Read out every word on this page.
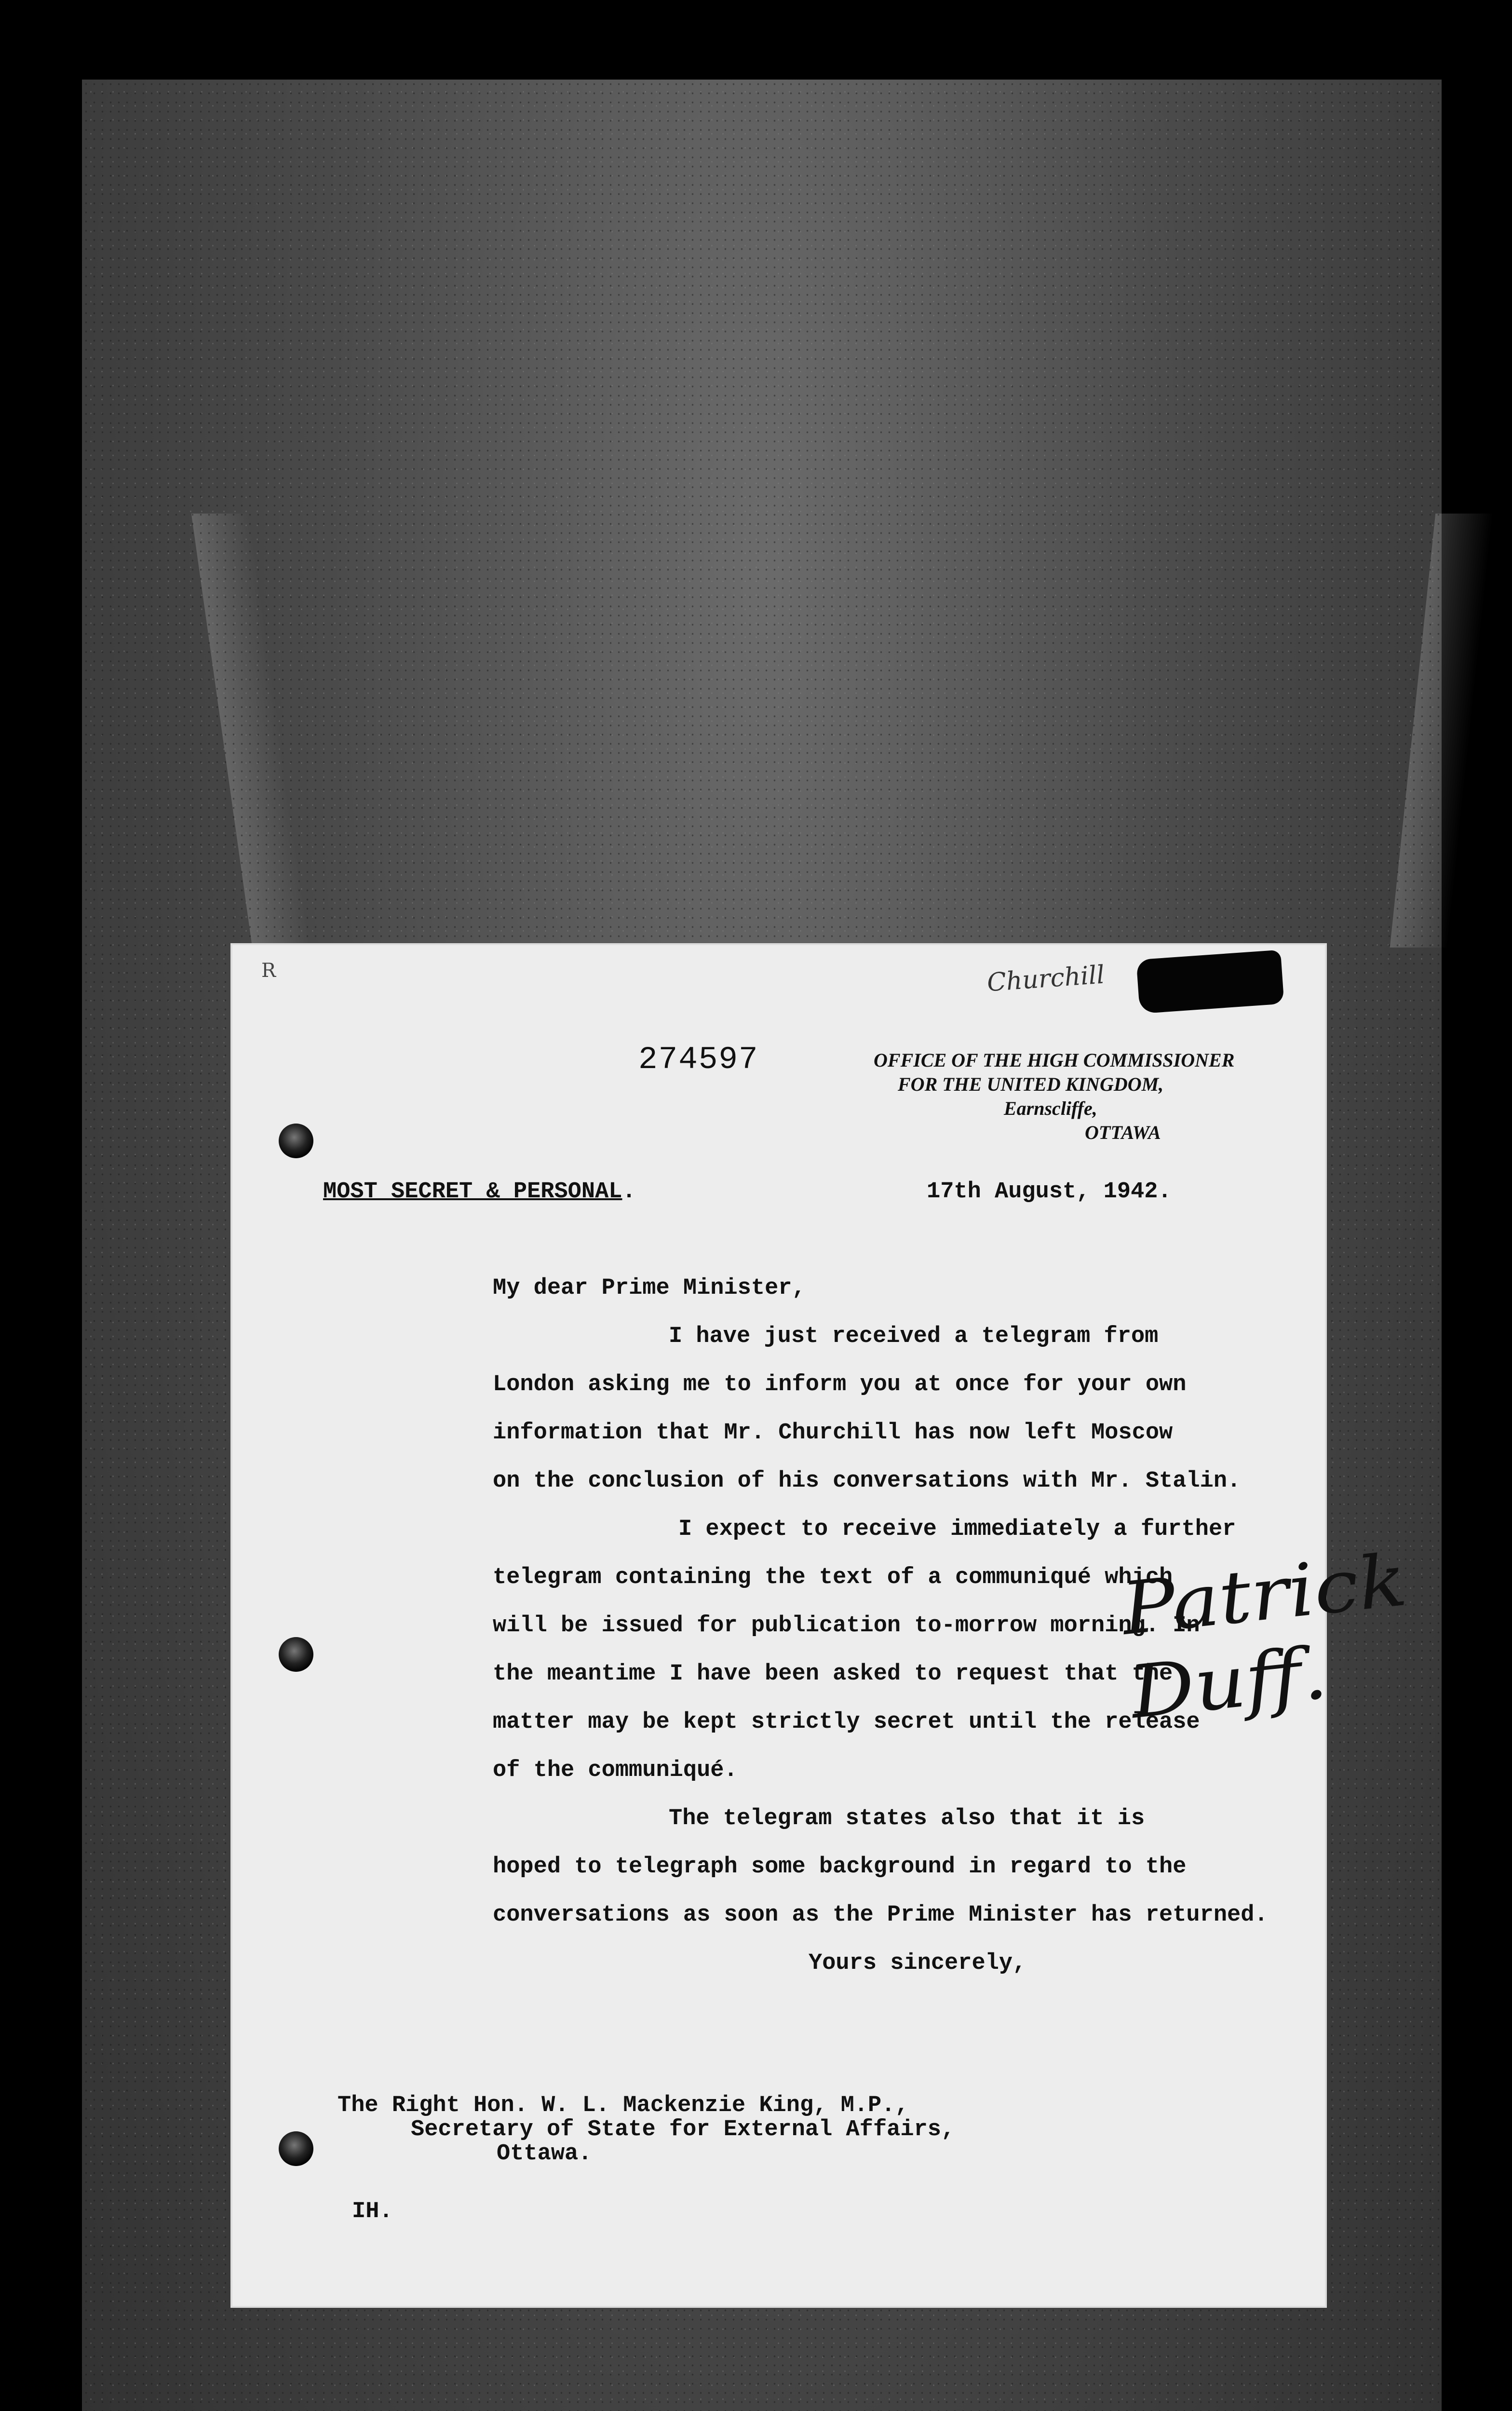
R	Churchill
274597	OFFICE OF THE HIGH COMMISSIONER
FOR THE UNITED KINGDOM,
Earnscliffe,
OTTAWA
MOST SECRET & PERSONAL.	17th August, 1942.
My dear Prime Minister,
I have just received a telegram from
London asking me to inform you at once for your own
information that Mr. Churchill has now left Moscow
on the conclusion of his conversations with Mr. Stalin.
I expect to receive immediately a further
telegram containing the text of a communiqué which
will be issued for publication to-morrow morning. In
the meantime I have been asked to request that the
matter may be kept strictly secret until the release
of the communiqué.
The telegram states also that it is
hoped to telegraph some background in regard to the
conversations as soon as the Prime Minister has returned.
Yours sincerely,
Patrick Duff.
The Right Hon. W. L. Mackenzie King, M.P.,
Secretary of State for External Affairs,
Ottawa.
IH.
